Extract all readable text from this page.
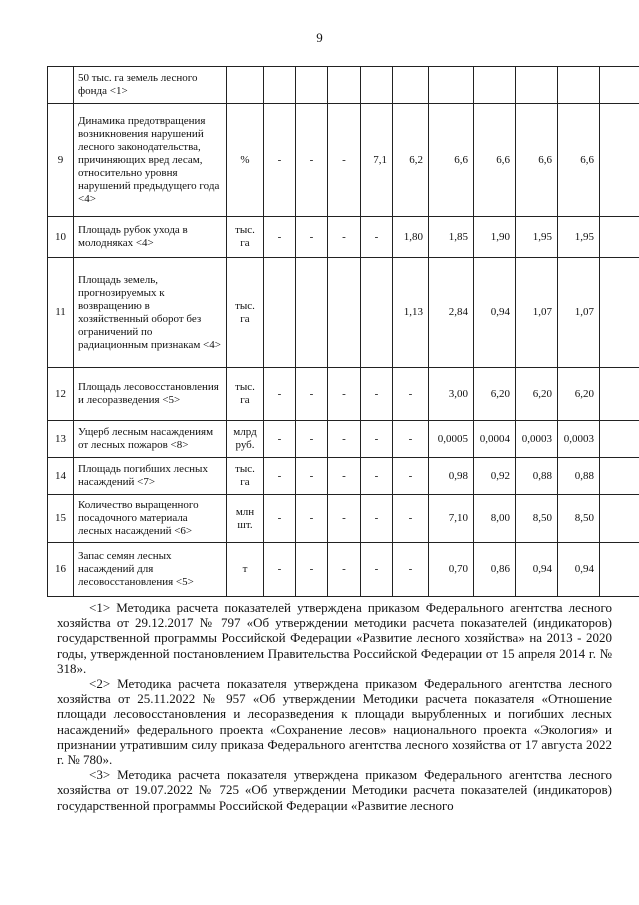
9
	50 тыс. га земель лесного фонда <1>											
9	Динамика предотвращения возникновения нарушений лесного законодательства, причиняющих вред лесам, относительно уровня нарушений предыдущего года <4>	%	-	-	-	7,1	6,2	6,6	6,6	6,6	6,6	
10	Площадь рубок ухода в молодняках <4>	тыс. га	-	-	-	-	1,80	1,85	1,90	1,95	1,95	
11	Площадь земель, прогнозируемых к возвращению в хозяйственный оборот без ограничений по радиационным признакам <4>	тыс. га					1,13	2,84	0,94	1,07	1,07	
12	Площадь лесовосстановления и лесоразведения <5>	тыс. га	-	-	-	-	-	3,00	6,20	6,20	6,20	
13	Ущерб лесным насаждениям от лесных пожаров <8>	млрд руб.	-	-	-	-	-	0,0005	0,0004	0,0003	0,0003	
14	Площадь погибших лесных насаждений <7>	тыс. га	-	-	-	-	-	0,98	0,92	0,88	0,88	
15	Количество выращенного посадочного материала лесных насаждений <6>	млн шт.	-	-	-	-	-	7,10	8,00	8,50	8,50	
16	Запас семян лесных насаждений для лесовосстановления <5>	т	-	-	-	-	-	0,70	0,86	0,94	0,94	

<1> Методика расчета показателей утверждена приказом Федерального агентства лесного хозяйства от 29.12.2017 № 797 «Об утверждении методики расчета показателей (индикаторов) государственной программы Российской Федерации «Развитие лесного хозяйства» на 2013 - 2020 годы, утвержденной постановлением Правительства Российской Федерации от 15 апреля 2014 г. № 318».

<2> Методика расчета показателя утверждена приказом Федерального агентства лесного хозяйства от 25.11.2022 № 957 «Об утверждении Методики расчета показателя «Отношение площади лесовосстановления и лесоразведения к площади вырубленных и погибших лесных насаждений» федерального проекта «Сохранение лесов» национального проекта «Экология» и признании утратившим силу приказа Федерального агентства лесного хозяйства от 17 августа 2022 г. № 780».

<3> Методика расчета показателя утверждена приказом Федерального агентства лесного хозяйства от 19.07.2022 № 725 «Об утверждении Методики расчета показателей (индикаторов) государственной программы Российской Федерации «Развитие лесного
